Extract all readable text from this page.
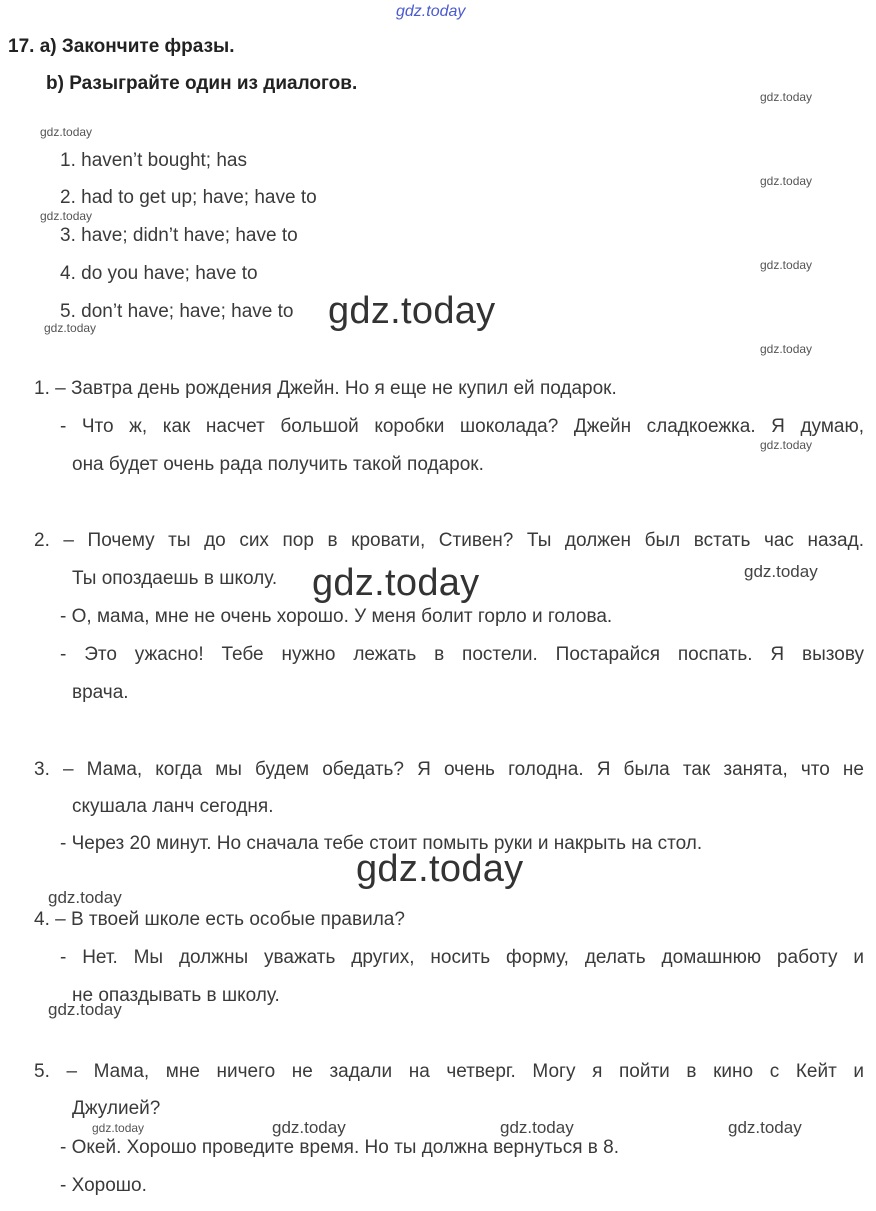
gdz.today
17. a) Закончите фразы.
b) Разыграйте один из диалогов.
gdz.today
gdz.today
gdz.today
gdz.today
gdz.today
gdz.today
gdz.today
gdz.today
gdz.today
1. haven’t bought; has
2. had to get up; have; have to
3. have; didn’t have; have to
4. do you have; have to
5. don’t have; have; have to gdz.today
1. – Завтра день рождения Джейн. Но я еще не купил ей подарок.
- Что ж, как насчет большой коробки шоколада? Джейн сладкоежка. Я думаю,
она будет очень рада получить такой подарок.
2. – Почему ты до сих пор в кровати, Стивен? Ты должен был встать час назад.
Ты опоздаешь в школу. gdz.today	gdz.today
- О, мама, мне не очень хорошо. У меня болит горло и голова.
- Это ужасно! Тебе нужно лежать в постели. Постарайся поспать. Я вызову
врача.
3. – Мама, когда мы будем обедать? Я очень голодна. Я была так занята, что не
скушала ланч сегодня.
- Через 20 минут. Но сначала тебе стоит помыть руки и накрыть на стол.
gdz.today
gdz.today
4. – В твоей школе есть особые правила?
- Нет. Мы должны уважать других, носить форму, делать домашнюю работу и
не опаздывать в школу.
gdz.today
5. – Мама, мне ничего не задали на четверг. Могу я пойти в кино с Кейт и
Джулией?
gdz.today	gdz.today	gdz.today
- Окей. Хорошо проведите время. Но ты должна вернуться в 8.
- Хорошо.
